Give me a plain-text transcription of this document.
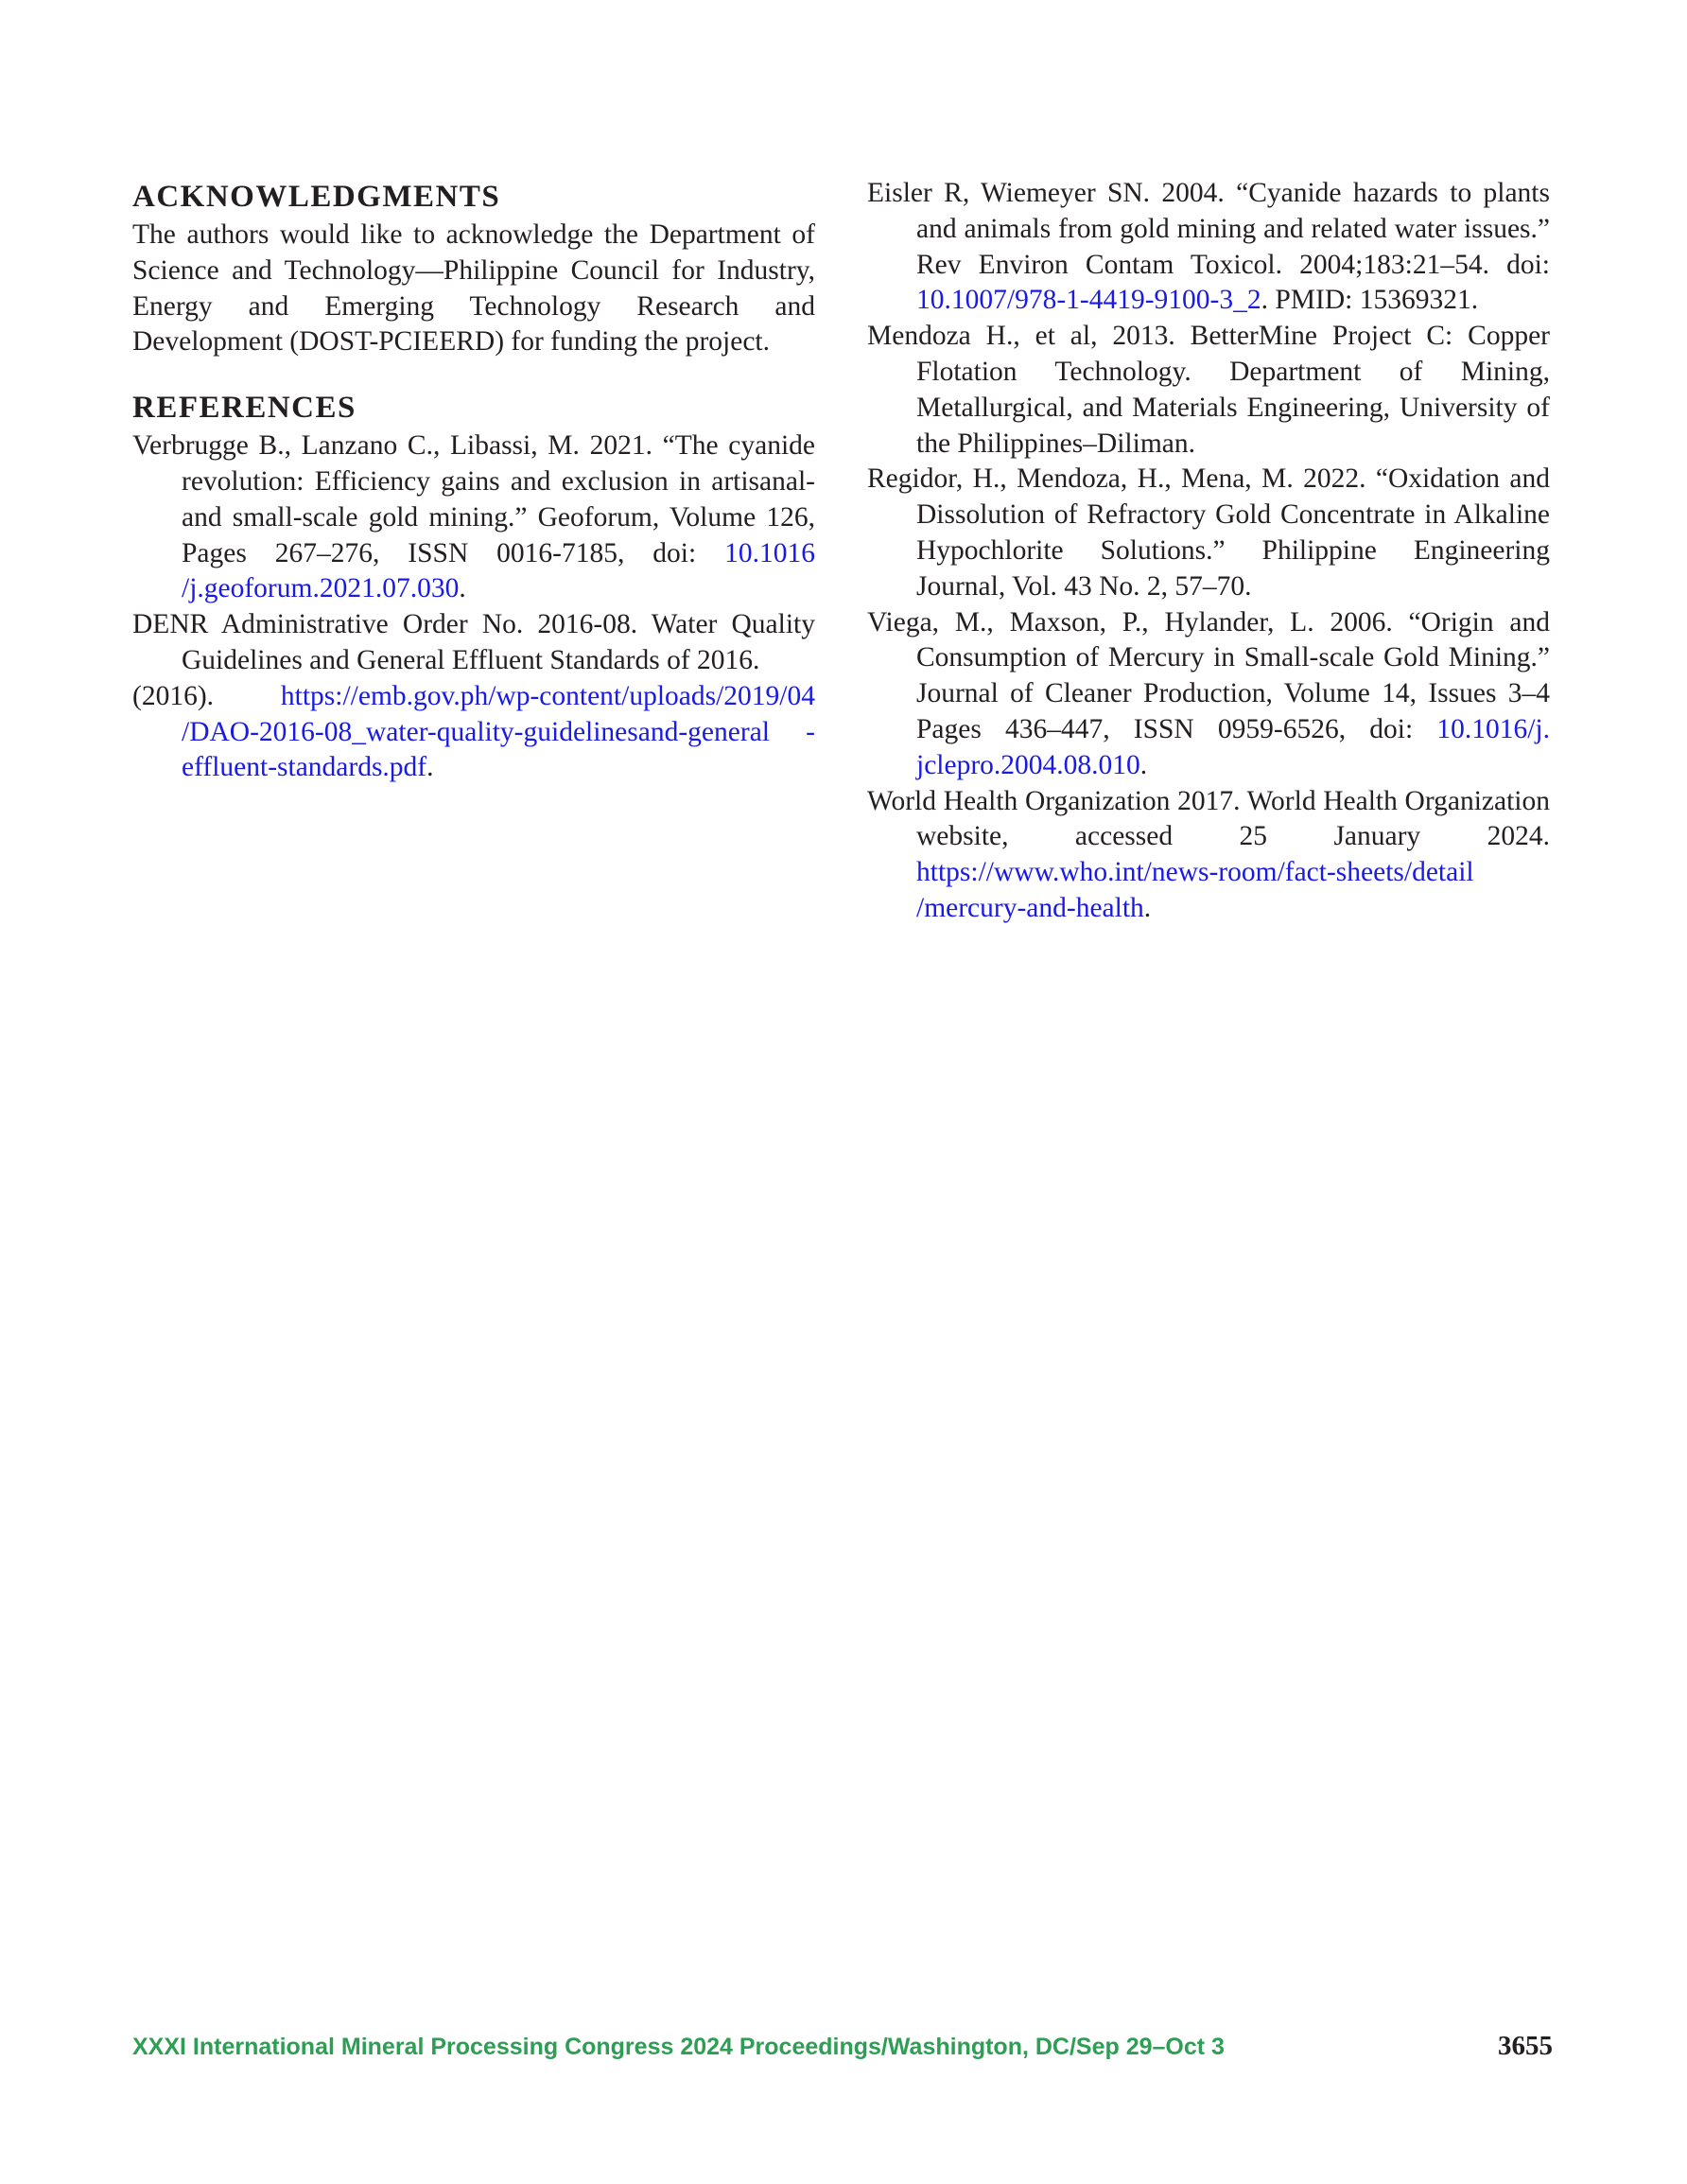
ACKNOWLEDGMENTS

The authors would like to acknowledge the Department of Science and Technology—Philippine Council for Industry, Energy and Emerging Technology Research and Development (DOST-PCIEERD) for funding the project.

REFERENCES

Verbrugge B., Lanzano C., Libassi, M. 2021. “The cyanide revolution: Efficiency gains and exclusion in artisanal- and small-scale gold mining.” Geoforum, Volume 126, Pages 267–276, ISSN 0016-7185, doi: 10.1016 /j.geoforum.2021.07.030.

DENR Administrative Order No. 2016-08. Water Quality Guidelines and General Effluent Standards of 2016.

(2016). https://emb.gov.ph/wp-content/uploads/2019/04 /DAO-2016-08_water-quality-guidelinesand-general -effluent-standards.pdf.

Eisler R, Wiemeyer SN. 2004. “Cyanide hazards to plants and animals from gold mining and related water issues.” Rev Environ Contam Toxicol. 2004;183:21–54. doi: 10.1007/978-1-4419-9100-3_2. PMID: 15369321.

Mendoza H., et al, 2013. BetterMine Project C: Copper Flotation Technology. Department of Mining, Metallurgical, and Materials Engineering, University of the Philippines–Diliman.

Regidor, H., Mendoza, H., Mena, M. 2022. “Oxidation and Dissolution of Refractory Gold Concentrate in Alkaline Hypochlorite Solutions.” Philippine Engineering Journal, Vol. 43 No. 2, 57–70.

Viega, M., Maxson, P., Hylander, L. 2006. “Origin and Consumption of Mercury in Small-scale Gold Mining.” Journal of Cleaner Production, Volume 14, Issues 3–4 Pages 436–447, ISSN 0959-6526, doi: 10.1016/j. jclepro.2004.08.010.

World Health Organization 2017. World Health Organization website, accessed 25 January 2024. https://www.who.int/news-room/fact-sheets/detail /mercury-and-health.

XXXI International Mineral Processing Congress 2024 Proceedings/Washington, DC/Sep 29–Oct 3	3655
